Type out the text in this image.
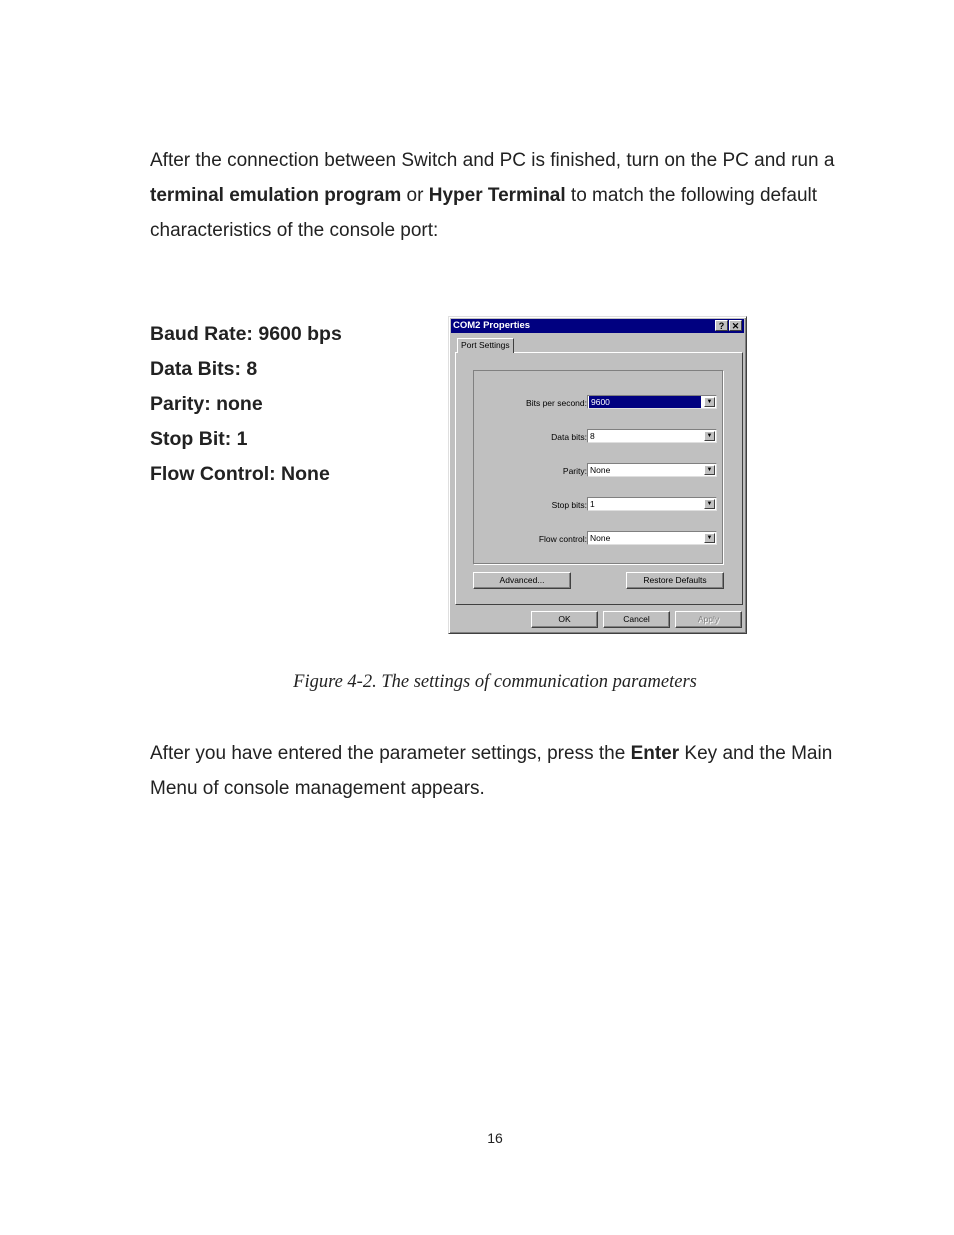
After the connection between Switch and PC is finished, turn on the PC and run a terminal emulation program or Hyper Terminal to match the following default characteristics of the console port:
Baud Rate: 9600 bps
Data Bits: 8
Parity: none
Stop Bit: 1
Flow Control: None
COM2 Properties	? ✕
Port Settings
Bits per second: 9600	▼
Data bits: 8	▼
Parity: None	▼
Stop bits: 1	▼
Flow control: None	▼
Advanced...	Restore Defaults
OK	Cancel	Apply
Figure 4-2. The settings of communication parameters
After you have entered the parameter settings, press the Enter Key and the Main Menu of console management appears.
16
